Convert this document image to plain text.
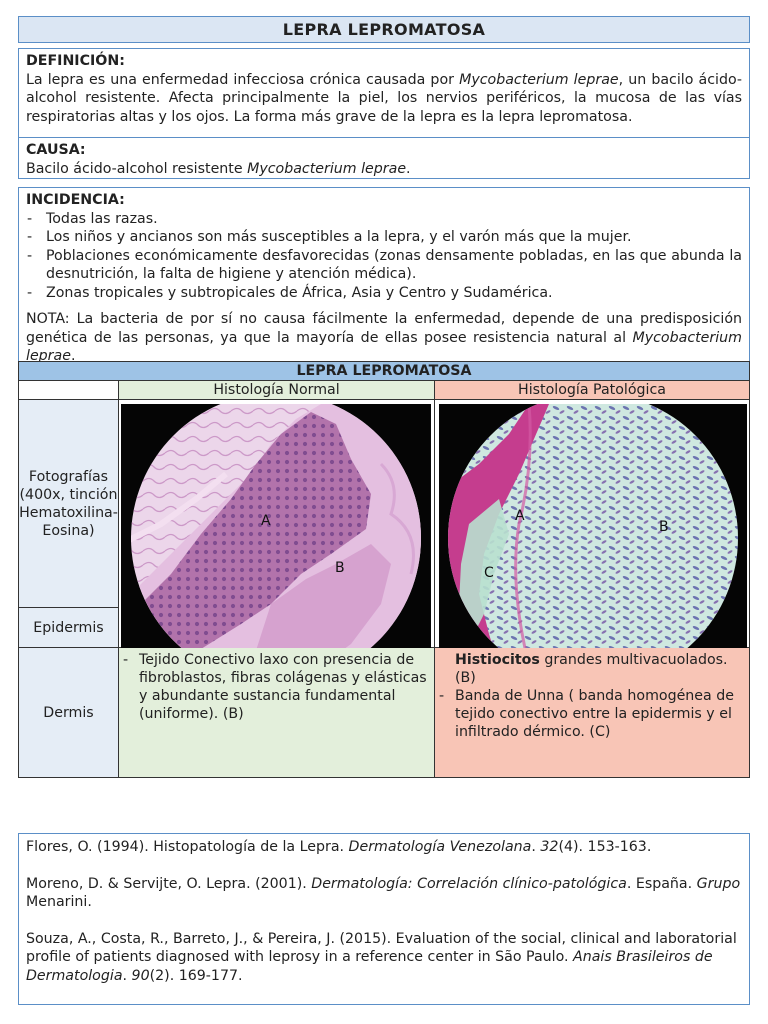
LEPRA LEPROMATOSA
DEFINICIÓN:
La lepra es una enfermedad infecciosa crónica causada por Mycobacterium leprae, un bacilo ácido-alcohol resistente. Afecta principalmente la piel, los nervios periféricos, la mucosa de las vías respiratorias altas y los ojos. La forma más grave de la lepra es la lepra lepromatosa.
CAUSA:
Bacilo ácido-alcohol resistente Mycobacterium leprae.
INCIDENCIA:
- Todas las razas.
- Los niños y ancianos son más susceptibles a la lepra, y el varón más que la mujer.
- Poblaciones económicamente desfavorecidas (zonas densamente pobladas, en las que abunda la desnutrición, la falta de higiene y atención médica).
- Zonas tropicales y subtropicales de África, Asia y Centro y Sudamérica.
NOTA: La bacteria de por sí no causa fácilmente la enfermedad, depende de una predisposición genética de las personas, ya que la mayoría de ellas posee resistencia natural al Mycobacterium leprae.
LEPRA LEPROMATOSA
Histología Normal	Histología Patológica
Fotografías (400x, tinción Hematoxilina-Eosina)
Epidermis
Dermis
A
B
A
B
C
- Tejido Conectivo laxo con presencia de fibroblastos, fibras colágenas y elásticas y abundante sustancia fundamental (uniforme). (B)
Histiocitos grandes multivacuolados. (B)
- Banda de Unna ( banda homogénea de tejido conectivo entre la epidermis y el infiltrado dérmico. (C)

Flores, O. (1994). Histopatología de la Lepra. Dermatología Venezolana. 32(4). 153-163.

Moreno, D. & Servijte, O. Lepra. (2001). Dermatología: Correlación clínico-patológica. España. Grupo Menarini.

Souza, A., Costa, R., Barreto, J., & Pereira, J. (2015). Evaluation of the social, clinical and laboratorial profile of patients diagnosed with leprosy in a reference center in São Paulo. Anais Brasileiros de Dermatologia. 90(2). 169-177.
